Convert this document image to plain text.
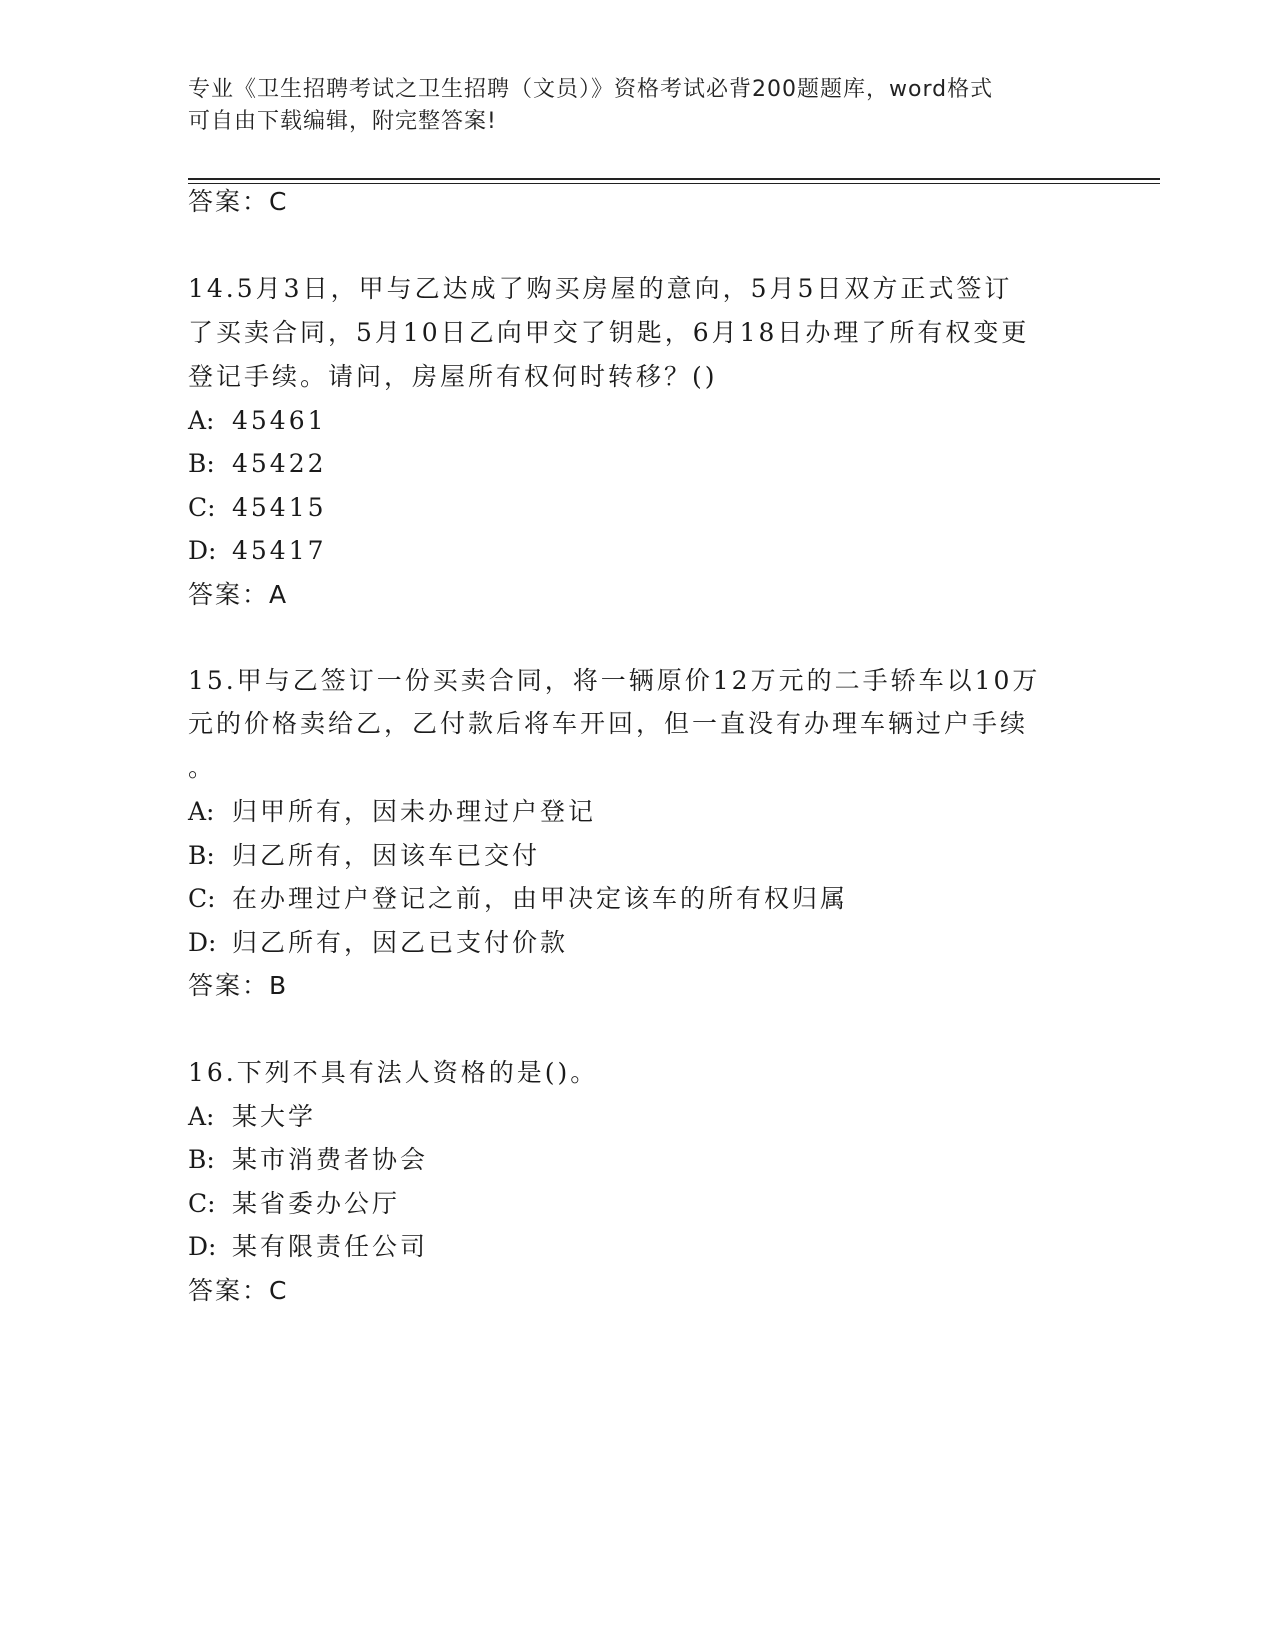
专业《卫生招聘考试之卫生招聘（文员）》资格考试必背200题题库，word格式
可自由下载编辑，附完整答案!
答案：C
14.5月3日，甲与乙达成了购买房屋的意向，5月5日双方正式签订
了买卖合同，5月10日乙向甲交了钥匙，6月18日办理了所有权变更
登记手续。请问，房屋所有权何时转移？()
A: 45461
B: 45422
C: 45415
D: 45417
答案：A
15.甲与乙签订一份买卖合同，将一辆原价12万元的二手轿车以10万
元的价格卖给乙，乙付款后将车开回，但一直没有办理车辆过户手续
。
A: 归甲所有，因未办理过户登记
B: 归乙所有，因该车已交付
C: 在办理过户登记之前，由甲决定该车的所有权归属
D: 归乙所有，因乙已支付价款
答案：B
16.下列不具有法人资格的是()。
A: 某大学
B: 某市消费者协会
C: 某省委办公厅
D: 某有限责任公司
答案：C
